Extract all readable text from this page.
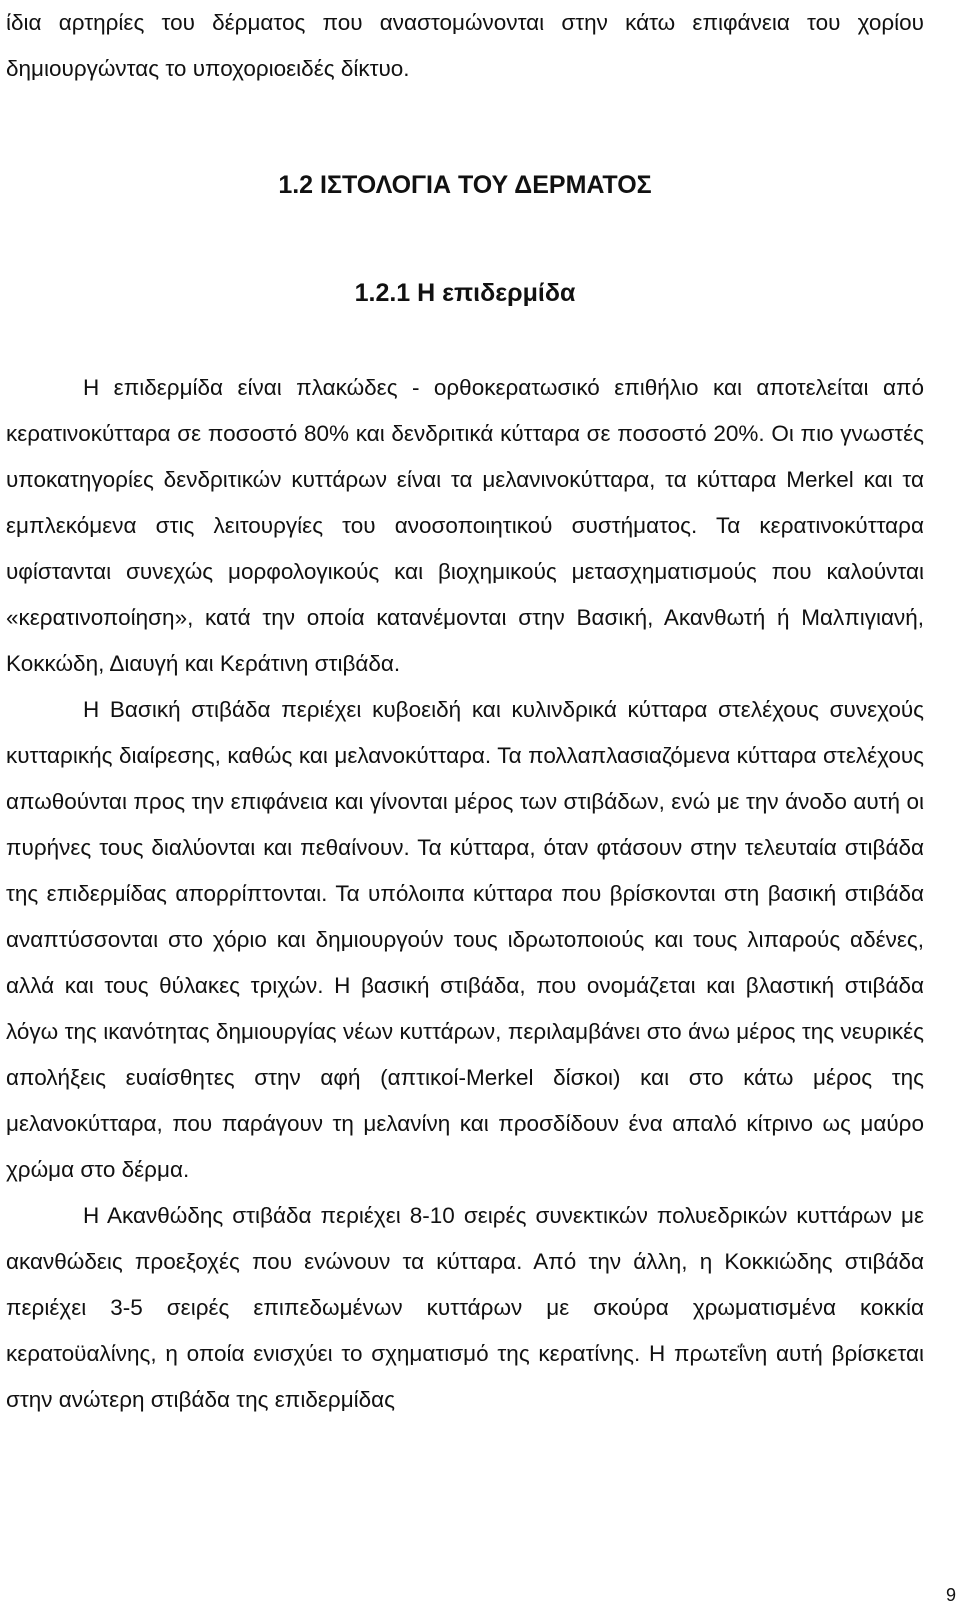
ίδια αρτηρίες του δέρματος που αναστομώνονται στην κάτω επιφάνεια του χορίου δημιουργώντας το υποχοριοειδές δίκτυο.

1.2 ΙΣΤΟΛΟΓΙΑ ΤΟΥ ΔΕΡΜΑΤΟΣ
1.2.1 Η επιδερμίδα

Η επιδερμίδα είναι πλακώδες - ορθοκερατωσικό επιθήλιο και αποτελείται από κερατινοκύτταρα σε ποσοστό 80% και δενδριτικά κύτταρα σε ποσοστό 20%. Οι πιο γνωστές υποκατηγορίες δενδριτικών κυττάρων είναι τα μελανινοκύτταρα, τα κύτταρα Merkel και τα εμπλεκόμενα στις λειτουργίες του ανοσοποιητικού συστήματος. Τα κερατινοκύτταρα υφίστανται συνεχώς μορφολογικούς και βιοχημικούς μετασχηματισμούς που καλούνται «κερατινοποίηση», κατά την οποία κατανέμονται στην Βασική, Ακανθωτή ή Μαλπιγιανή, Κοκκώδη, Διαυγή και Κεράτινη στιβάδα.

Η Βασική στιβάδα περιέχει κυβοειδή και κυλινδρικά κύτταρα στελέχους συνεχούς κυτταρικής διαίρεσης, καθώς και μελανοκύτταρα. Τα πολλαπλασιαζόμενα κύτταρα στελέχους απωθούνται προς την επιφάνεια και γίνονται μέρος των στιβάδων, ενώ με την άνοδο αυτή οι πυρήνες τους διαλύονται και πεθαίνουν. Τα κύτταρα, όταν φτάσουν στην τελευταία στιβάδα της επιδερμίδας απορρίπτονται. Τα υπόλοιπα κύτταρα που βρίσκονται στη βασική στιβάδα αναπτύσσονται στο χόριο και δημιουργούν τους ιδρωτοποιούς και τους λιπαρούς αδένες, αλλά και τους θύλακες τριχών. Η βασική στιβάδα, που ονομάζεται και βλαστική στιβάδα λόγω της ικανότητας δημιουργίας νέων κυττάρων, περιλαμβάνει στο άνω μέρος της νευρικές απολήξεις ευαίσθητες στην αφή (απτικοί-Merkel δίσκοι) και στο κάτω μέρος της μελανοκύτταρα, που παράγουν τη μελανίνη και προσδίδουν ένα απαλό κίτρινο ως μαύρο χρώμα στο δέρμα.

Η Ακανθώδης στιβάδα περιέχει 8-10 σειρές συνεκτικών πολυεδρικών κυττάρων με ακανθώδεις προεξοχές που ενώνουν τα κύτταρα. Από την άλλη, η Κοκκιώδης στιβάδα περιέχει 3-5 σειρές επιπεδωμένων κυττάρων με σκούρα χρωματισμένα κοκκία κερατοϋαλίνης, η οποία ενισχύει το σχηματισμό της κερατίνης. Η πρωτεΐνη αυτή βρίσκεται στην ανώτερη στιβάδα της επιδερμίδας

9
